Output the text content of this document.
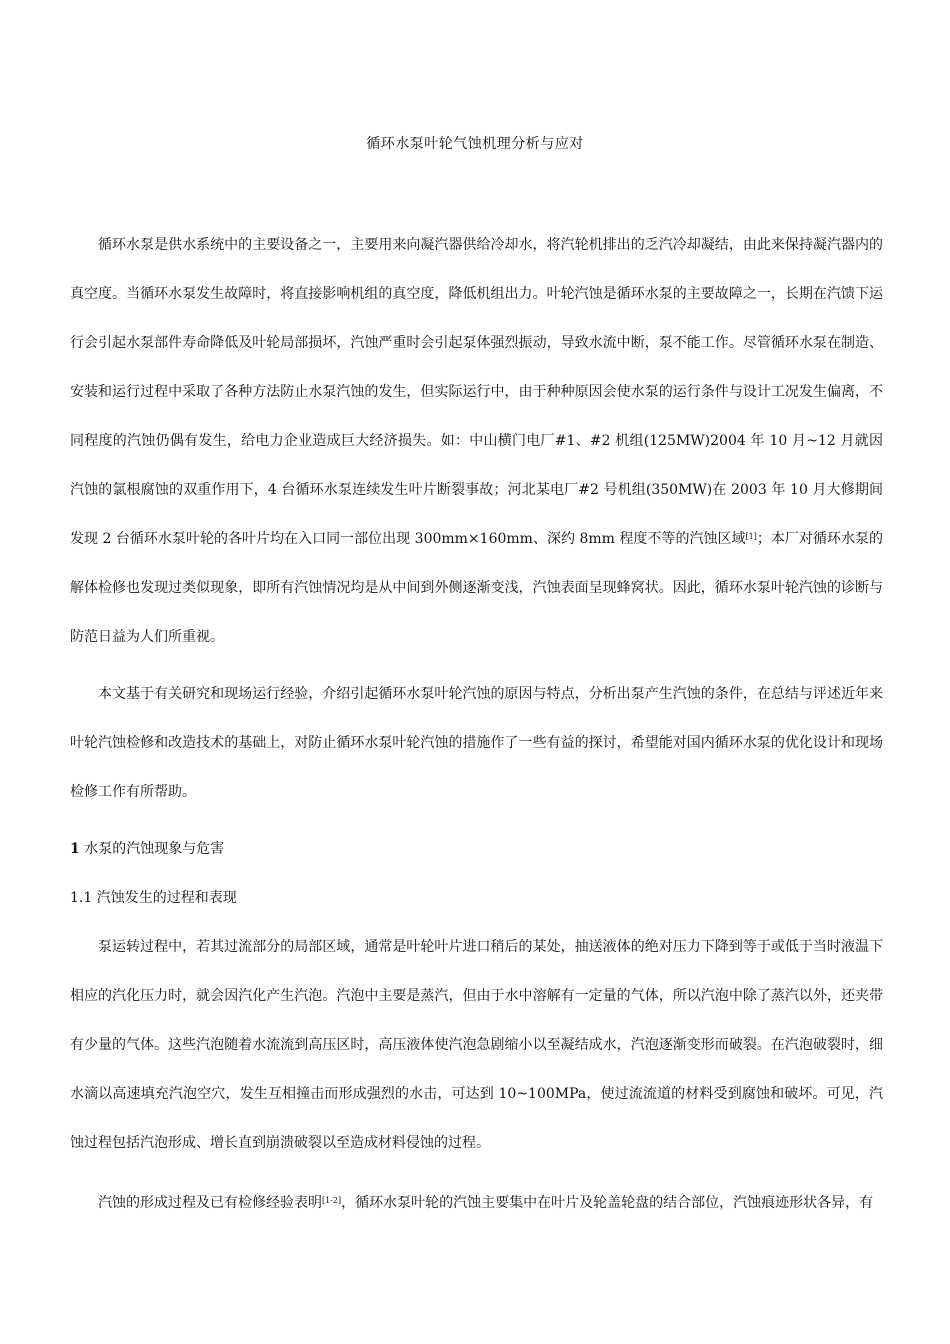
循环水泵叶轮气蚀机理分析与应对

循环水泵是供水系统中的主要设备之一，主要用来向凝汽器供给冷却水，将汽轮机排出的乏汽冷却凝结，由此来保持凝汽器内的真空度。当循环水泵发生故障时，将直接影响机组的真空度，降低机组出力。叶轮汽蚀是循环水泵的主要故障之一，长期在汽馈下运行会引起水泵部件寿命降低及叶轮局部损坏，汽蚀严重时会引起泵体强烈振动，导致水流中断，泵不能工作。尽管循环水泵在制造、安装和运行过程中采取了各种方法防止水泵汽蚀的发生，但实际运行中，由于种种原因会使水泵的运行条件与设计工况发生偏离，不同程度的汽蚀仍偶有发生，给电力企业造成巨大经济损失。如：中山横门电厂#1、#2 机组(125MW)2004 年 10 月~12 月就因汽蚀的氯根腐蚀的双重作用下，4 台循环水泵连续发生叶片断裂事故；河北某电厂#2 号机组(350MW)在 2003 年 10 月大修期间发现 2 台循环水泵叶轮的各叶片均在入口同一部位出现 300mm×160mm、深约 8mm 程度不等的汽蚀区域[1]；本厂对循环水泵的解体检修也发现过类似现象，即所有汽蚀情况均是从中间到外侧逐渐变浅，汽蚀表面呈现蜂窝状。因此，循环水泵叶轮汽蚀的诊断与防范日益为人们所重视。

本文基于有关研究和现场运行经验，介绍引起循环水泵叶轮汽蚀的原因与特点，分析出泵产生汽蚀的条件，在总结与评述近年来叶轮汽蚀检修和改造技术的基础上，对防止循环水泵叶轮汽蚀的措施作了一些有益的探讨，希望能对国内循环水泵的优化设计和现场检修工作有所帮助。

1 水泵的汽蚀现象与危害
1.1 汽蚀发生的过程和表现

泵运转过程中，若其过流部分的局部区域，通常是叶轮叶片进口稍后的某处，抽送液体的绝对压力下降到等于或低于当时液温下相应的汽化压力时，就会因汽化产生汽泡。汽泡中主要是蒸汽，但由于水中溶解有一定量的气体，所以汽泡中除了蒸汽以外，还夹带有少量的气体。这些汽泡随着水流流到高压区时，高压液体使汽泡急剧缩小以至凝结成水，汽泡逐渐变形而破裂。在汽泡破裂时，细水滴以高速填充汽泡空穴，发生互相撞击而形成强烈的水击，可达到 10~100MPa，使过流流道的材料受到腐蚀和破坏。可见，汽蚀过程包括汽泡形成、增长直到崩溃破裂以至造成材料侵蚀的过程。

汽蚀的形成过程及已有检修经验表明[1-2]，循环水泵叶轮的汽蚀主要集中在叶片及轮盖轮盘的结合部位，汽蚀痕迹形状各异，有
